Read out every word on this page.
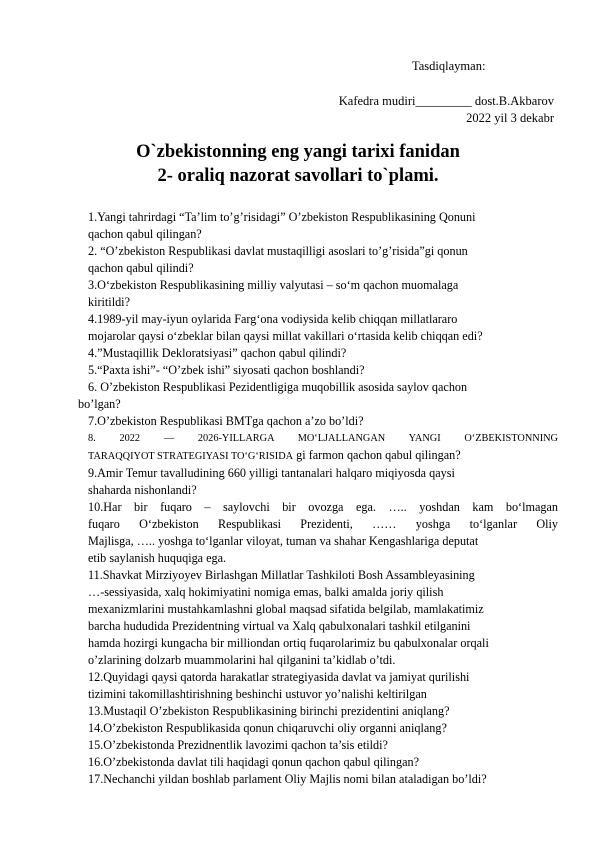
Tasdiqlayman:
Kafedra mudiri_________ dost.B.Akbarov
2022 yil 3 dekabr
O`zbekistonning eng yangi tarixi fanidan
2- oraliq nazorat savollari to`plami.

1.Yangi tahrirdagi “Ta’lim to’g’risidagi” O’zbekiston Respublikasining Qonuni

qachon qabul qilingan?

2. “O’zbekiston Respublikasi davlat mustaqilligi asoslari to’g’risida”gi qonun

qachon qabul qilindi?

3.O‘zbekiston Respublikasining milliy valyutasi – so‘m qachon muomalaga

kiritildi?

4.1989-yil may-iyun oylarida Farg‘ona vodiysida kelib chiqqan millatlararo

mojarolar qaysi o‘zbeklar bilan qaysi millat vakillari o‘rtasida kelib chiqqan edi?

4.”Mustaqillik Dekloratsiyasi” qachon qabul qilindi?

5.“Paxta ishi”- “O’zbek ishi” siyosati qachon boshlandi?

6. O’zbekiston Respublikasi Pezidentligiga muqobillik asosida saylov qachon

bo’lgan?

7.O’zbekiston Respublikasi BMTga qachon a’zo bo’ldi?

8. 2022 — 2026-YILLARGA MO‘LJALLANGAN YANGI O‘ZBEKISTONNING

TARAQQIYOT STRATEGIYASI TO‘G‘RISIDA gi farmon qachon qabul qilingan?

9.Amir Temur tavalludining 660 yilligi tantanalari halqaro miqiyosda qaysi

shaharda nishonlandi?

10.Har bir fuqaro – saylovchi bir ovozga ega. ….. yoshdan kam bo‘lmagan

fuqaro O‘zbekiston Respublikasi Prezidenti, …… yoshga to‘lganlar Oliy

Majlisga, ….. yoshga to‘lganlar viloyat, tuman va shahar Kengashlariga deputat

etib saylanish huquqiga ega.

11.Shavkat Mirziyoyev Birlashgan Millatlar Tashkiloti Bosh Assambleyasining

…-sessiyasida, xalq hokimiyatini nomiga emas, balki amalda joriy qilish

mexanizmlarini mustahkamlashni global maqsad sifatida belgilab, mamlakatimiz

barcha hududida Prezidentning virtual va Xalq qabulxonalari tashkil etilganini

hamda hozirgi kungacha bir milliondan ortiq fuqarolarimiz bu qabulxonalar orqali

o’zlarining dolzarb muammolarini hal qilganini ta’kidlab o’tdi.

12.Quyidagi qaysi qatorda harakatlar strategiyasida davlat va jamiyat qurilishi

tizimini takomillashtirishning beshinchi ustuvor yo’nalishi keltirilgan

13.Mustaqil O’zbekiston Respublikasining birinchi prezidentini aniqlang?

14.O’zbekiston Respublikasida qonun chiqaruvchi oliy organni aniqlang?

15.O’zbekistonda Prezidnentlik lavozimi qachon ta’sis etildi?

16.O’zbekistonda davlat tili haqidagi qonun qachon qabul qilingan?

17.Nechanchi yildan boshlab parlament Oliy Majlis nomi bilan ataladigan bo’ldi?
